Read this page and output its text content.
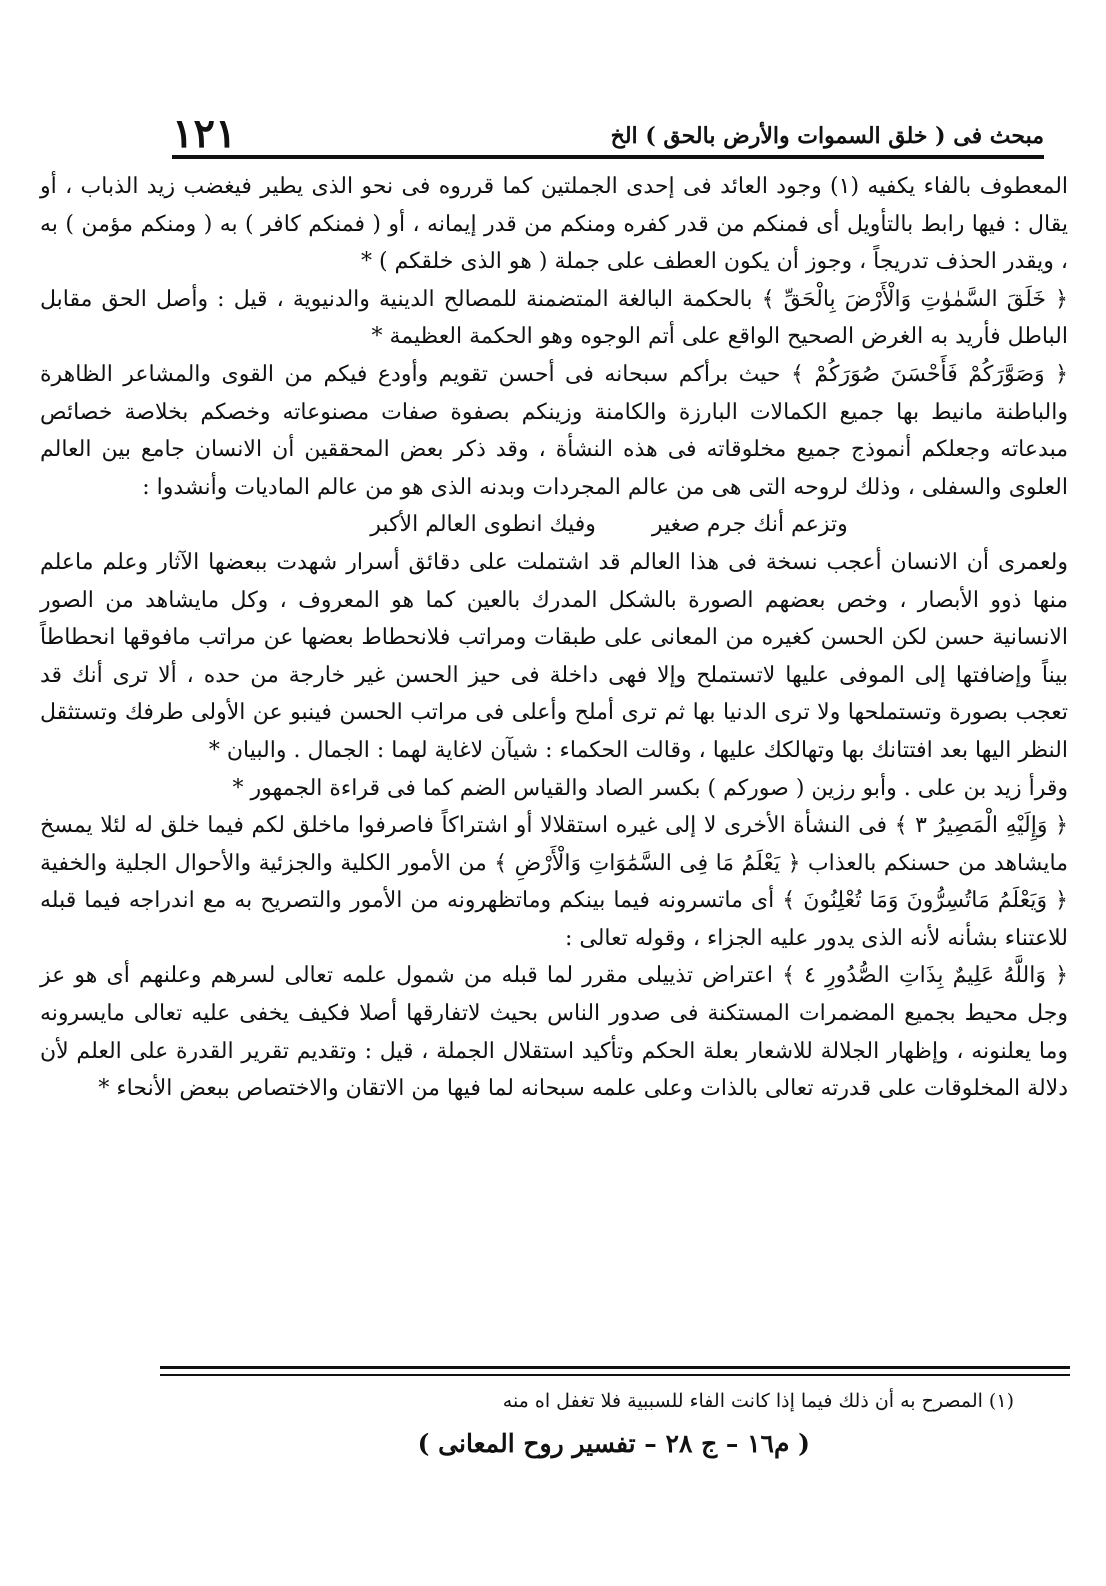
مبحث فى ( خلق السموات والأرض بالحق ) الخ
١٢١

المعطوف بالفاء يكفيه (١) وجود العائد فى إحدى الجملتين كما قرروه فى نحو الذى يطير فيغضب زيد الذباب ، أو يقال : فيها رابط بالتأويل أى فمنكم من قدر كفره ومنكم من قدر إيمانه ، أو ( فمنكم كافر ) به ( ومنكم مؤمن ) به ، ويقدر الحذف تدريجاً ، وجوز أن يكون العطف على جملة ( هو الذى خلقكم ) *

﴿ خَلَقَ السَّمٰوٰتِ وَالْأَرْضَ بِالْحَقِّ ﴾ بالحكمة البالغة المتضمنة للمصالح الدينية والدنيوية ، قيل : وأصل الحق مقابل الباطل فأريد به الغرض الصحيح الواقع على أتم الوجوه وهو الحكمة العظيمة *

﴿ وَصَوَّرَكُمْ فَأَحْسَنَ صُوَرَكُمْ ﴾ حيث برأكم سبحانه فى أحسن تقويم وأودع فيكم من القوى والمشاعر الظاهرة والباطنة مانيط بها جميع الكمالات البارزة والكامنة وزينكم بصفوة صفات مصنوعاته وخصكم بخلاصة خصائص مبدعاته وجعلكم أنموذج جميع مخلوقاته فى هذه النشأة ، وقد ذكر بعض المحققين أن الانسان جامع بين العالم العلوى والسفلى ، وذلك لروحه التى هى من عالم المجردات وبدنه الذى هو من عالم الماديات وأنشدوا :

وتزعم أنك جرم صغير
وفيك انطوى العالم الأكبر

ولعمرى أن الانسان أعجب نسخة فى هذا العالم قد اشتملت على دقائق أسرار شهدت ببعضها الآثار وعلم ماعلم منها ذوو الأبصار ، وخص بعضهم الصورة بالشكل المدرك بالعين كما هو المعروف ، وكل مايشاهد من الصور الانسانية حسن لكن الحسن كغيره من المعانى على طبقات ومراتب فلانحطاط بعضها عن مراتب مافوقها انحطاطاً بيناً وإضافتها إلى الموفى عليها لاتستملح وإلا فهى داخلة فى حيز الحسن غير خارجة من حده ، ألا ترى أنك قد تعجب بصورة وتستملحها ولا ترى الدنيا بها ثم ترى أملح وأعلى فى مراتب الحسن فينبو عن الأولى طرفك وتستثقل النظر اليها بعد افتتانك بها وتهالكك عليها ، وقالت الحكماء : شيآن لاغاية لهما : الجمال . والبيان *

وقرأ زيد بن على . وأبو رزين ( صوركم ) بكسر الصاد والقياس الضم كما فى قراءة الجمهور *

﴿ وَإِلَيْهِ الْمَصِيرُ ٣ ﴾ فى النشأة الأخرى لا إلى غيره استقلالا أو اشتراكاً فاصرفوا ماخلق لكم فيما خلق له لئلا يمسخ مايشاهد من حسنكم بالعذاب ﴿ يَعْلَمُ مَا فِى السَّمَٰوَاتِ وَالْأَرْضِ ﴾ من الأمور الكلية والجزئية والأحوال الجلية والخفية ﴿ وَيَعْلَمُ مَاتُسِرُّونَ وَمَا تُعْلِنُونَ ﴾ أى ماتسرونه فيما بينكم وماتظهرونه من الأمور والتصريح به مع اندراجه فيما قبله للاعتناء بشأنه لأنه الذى يدور عليه الجزاء ، وقوله تعالى :

﴿ وَاللَّهُ عَلِيمٌ بِذَاتِ الصُّدُورِ ٤ ﴾ اعتراض تذييلى مقرر لما قبله من شمول علمه تعالى لسرهم وعلنهم أى هو عز وجل محيط بجميع المضمرات المستكنة فى صدور الناس بحيث لاتفارقها أصلا فكيف يخفى عليه تعالى مايسرونه وما يعلنونه ، وإظهار الجلالة للاشعار بعلة الحكم وتأكيد استقلال الجملة ، قيل : وتقديم تقرير القدرة على العلم لأن دلالة المخلوقات على قدرته تعالى بالذات وعلى علمه سبحانه لما فيها من الاتقان والاختصاص ببعض الأنحاء *

(١) المصرح به أن ذلك فيما إذا كانت الفاء للسببية فلا تغفل اه منه
( م١٦ – ج ٢٨ – تفسير روح المعانى )
